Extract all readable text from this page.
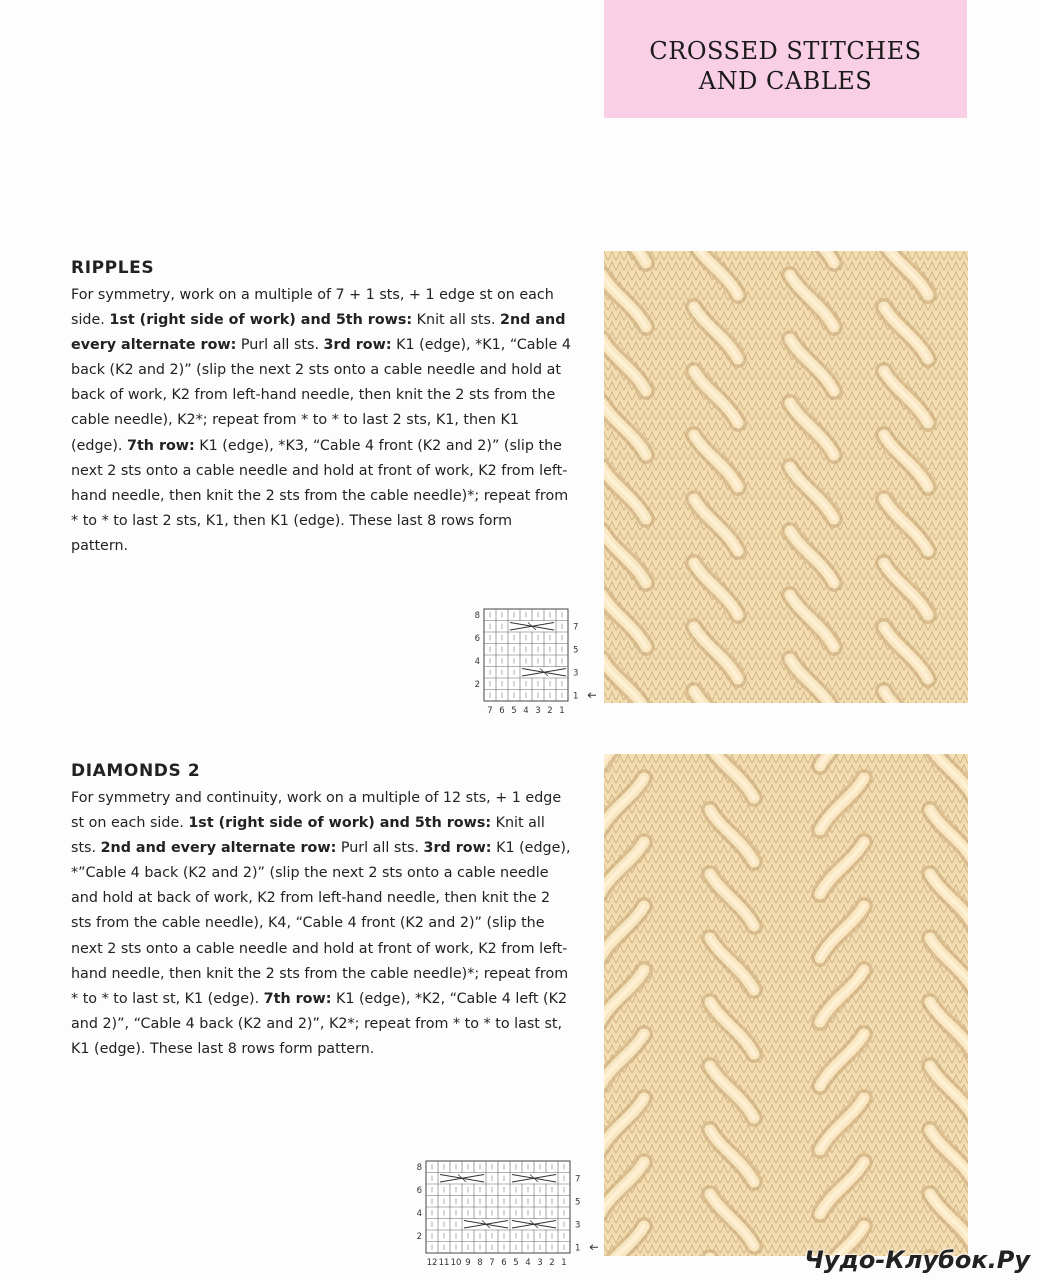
CROSSED STITCHES
AND CABLES
RIPPLES

For symmetry, work on a multiple of 7 + 1 sts, + 1 edge st on each side. 1st (right side of work) and 5th rows: Knit all sts. 2nd and every alternate row: Purl all sts. 3rd row: K1 (edge), *K1, “Cable 4 back (K2 and 2)” (slip the next 2 sts onto a cable needle and hold at back of work, K2 from left-hand needle, then knit the 2 sts from the cable needle), K2*; repeat from * to * to last 2 sts, K1, then K1 (edge). 7th row: K1 (edge), *K3, “Cable 4 front (K2 and 2)” (slip the next 2 sts onto a cable needle and hold at front of work, K2 from left-hand needle, then knit the 2 sts from the cable needle)*; repeat from * to * to last 2 sts, K1, then K1 (edge). These last 8 rows form pattern.

8
6
4
2
7
5
3
1
7 6 5 4 3 2 1
DIAMONDS 2

For symmetry and continuity, work on a multiple of 12 sts, + 1 edge st on each side. 1st (right side of work) and 5th rows: Knit all sts. 2nd and every alternate row: Purl all sts. 3rd row: K1 (edge), *”Cable 4 back (K2 and 2)” (slip the next 2 sts onto a cable needle and hold at back of work, K2 from left-hand needle, then knit the 2 sts from the cable needle), K4, “Cable 4 front (K2 and 2)” (slip the next 2 sts onto a cable needle and hold at front of work, K2 from left-hand needle, then knit the 2 sts from the cable needle)*; repeat from * to * to last st, K1 (edge). 7th row: K1 (edge), *K2, “Cable 4 left (K2 and 2)”, “Cable 4 back (K2 and 2)”, K2*; repeat from * to * to last st, K1 (edge). These last 8 rows form pattern.

8
6
4
2
7
5
3
1
12 11 10 9 8 7 6 5 4 3 2 1	Чудо-Клубок.Ру
